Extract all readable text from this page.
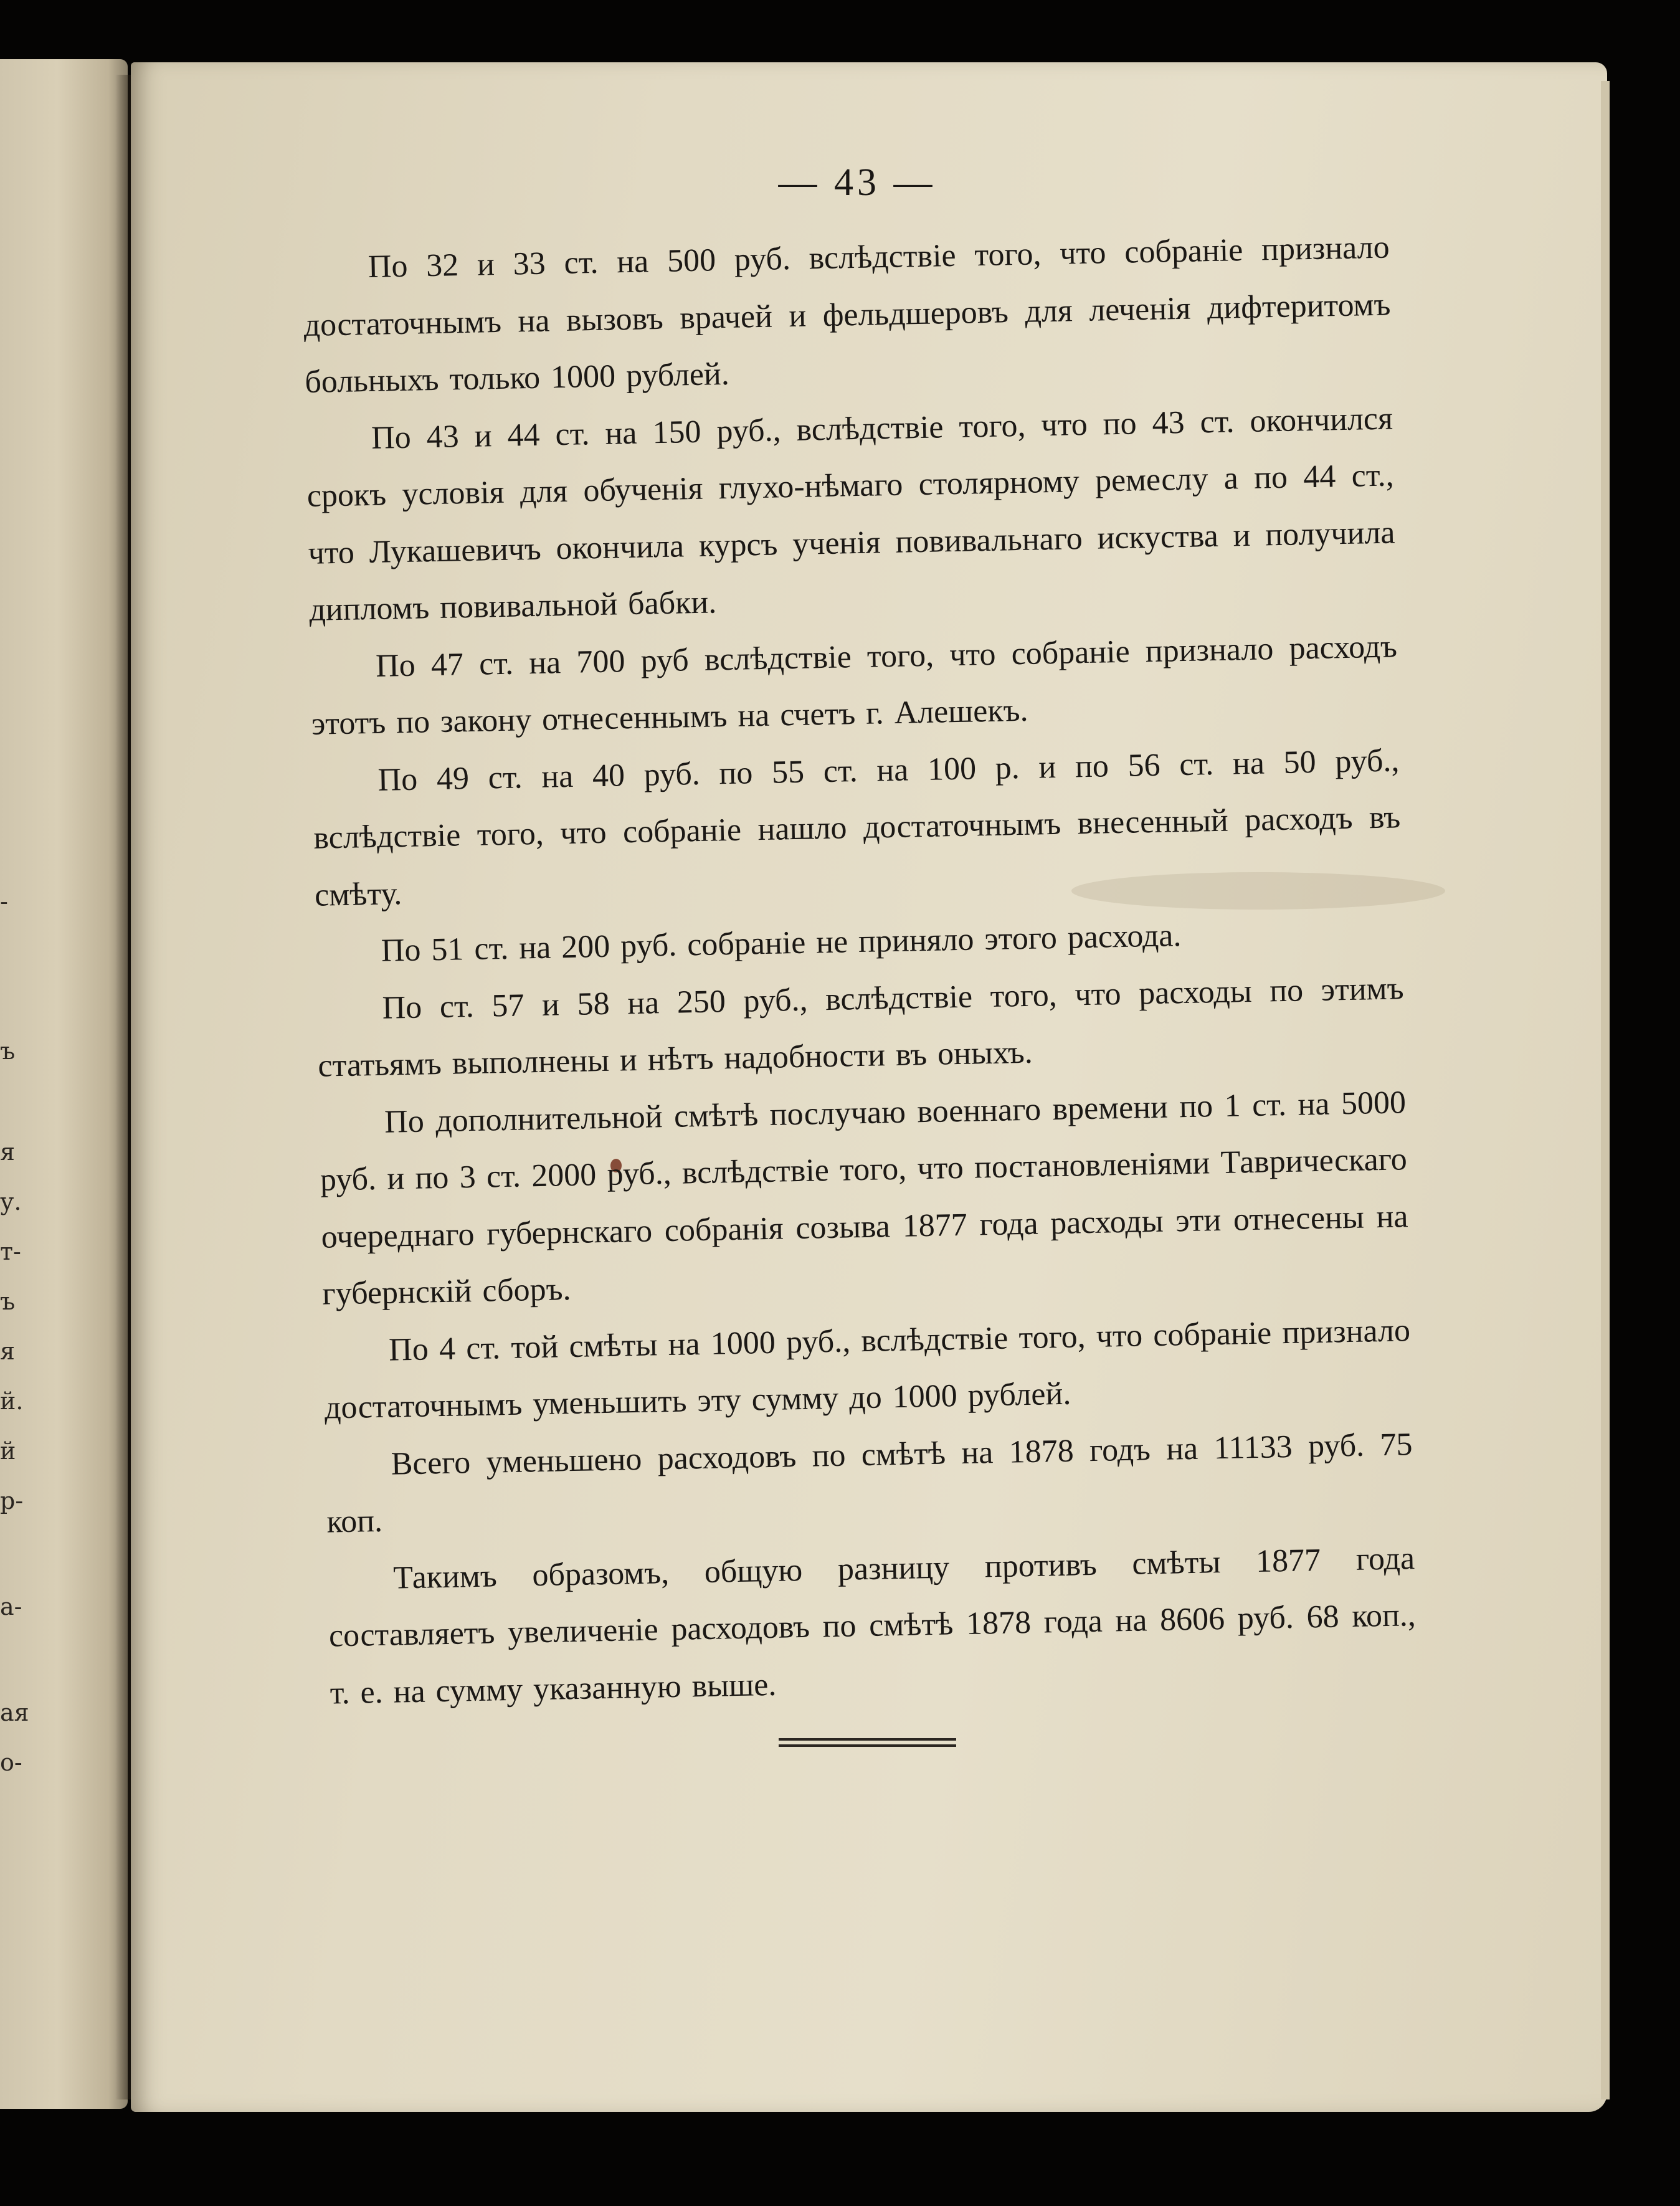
-
ъ
я
у.
т-
ъ
я
й.
й
р-
а-
ая
о-
— 43 —

По 32 и 33 ст. на 500 руб. вслѣдствіе того, что собраніе признало достаточнымъ на вызовъ врачей и фельдшеровъ для леченія дифтеритомъ больныхъ только 1000 рублей.

По 43 и 44 ст. на 150 руб., вслѣдствіе того, что по 43 ст. окончился срокъ условія для обученія глухо-нѣмаго столярному ремеслу а по 44 ст., что Лукашевичъ окончила курсъ ученія повивальнаго искуства и получила дипломъ повивальной бабки.

По 47 ст. на 700 руб вслѣдствіе того, что собраніе признало расходъ этотъ по закону отнесеннымъ на счетъ г. Алешекъ.

По 49 ст. на 40 руб. по 55 ст. на 100 р. и по 56 ст. на 50 руб., вслѣдствіе того, что собраніе нашло достаточнымъ внесенный расходъ въ смѣту.

По 51 ст. на 200 руб. собраніе не приняло этого расхода.

По ст. 57 и 58 на 250 руб., вслѣдствіе того, что расходы по этимъ статьямъ выполнены и нѣтъ надобности въ оныхъ.

По дополнительной смѣтѣ послучаю военнаго времени по 1 ст. на 5000 руб. и по 3 ст. 2000 руб., вслѣдствіе того, что постановленіями Таврическаго очереднаго губернскаго собранія созыва 1877 года расходы эти отнесены на губернскій сборъ.

По 4 ст. той смѣты на 1000 руб., вслѣдствіе того, что собраніе признало достаточнымъ уменьшить эту сумму до 1000 рублей.

Всего уменьшено расходовъ по смѣтѣ на 1878 годъ на 11133 руб. 75 коп.

Такимъ образомъ, общую разницу противъ смѣты 1877 года составляетъ увеличеніе расходовъ по смѣтѣ 1878 года на 8606 руб. 68 коп., т. е. на сумму указанную выше.
